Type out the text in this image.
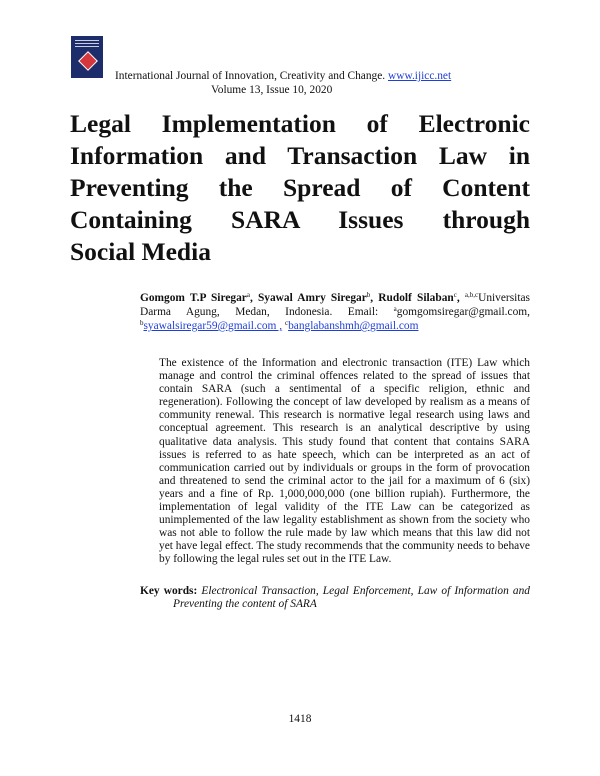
International Journal of Innovation, Creativity and Change. www.ijicc.net
Volume 13, Issue 10, 2020
Legal Implementation of Electronic
Information and Transaction Law in
Preventing the Spread of Content
Containing SARA Issues through
Social Media
Gomgom T.P Siregar$^a$, Syawal Amry Siregar$^b$, Rudolf Silaban$^c$, $^{a,b,c}$Universitas Darma Agung, Medan, Indonesia. Email: $^a$gomgomsiregar@gmail.com, $^b$syawalsiregar59@gmail.com , $^c$banglabanshmh@gmail.com

The existence of the Information and electronic transaction (ITE) Law which manage and control the criminal offences related to the spread of issues that contain SARA (such a sentimental of a specific religion, ethnic and regeneration). Following the concept of law developed by realism as a means of community renewal. This research is normative legal research using laws and conceptual agreement. This research is an analytical descriptive by using qualitative data analysis. This study found that content that contains SARA issues is referred to as hate speech, which can be interpreted as an act of communication carried out by individuals or groups in the form of provocation and threatened to send the criminal actor to the jail for a maximum of 6 (six) years and a fine of Rp. 1,000,000,000 (one billion rupiah). Furthermore, the implementation of legal validity of the ITE Law can be categorized as unimplemented of the law legality establishment as shown from the society who was not able to follow the rule made by law which means that this law did not yet have legal effect. The study recommends that the community needs to behave by following the legal rules set out in the ITE Law.

Key words: Electronical Transaction, Legal Enforcement, Law of Information and Preventing the content of SARA
1418
